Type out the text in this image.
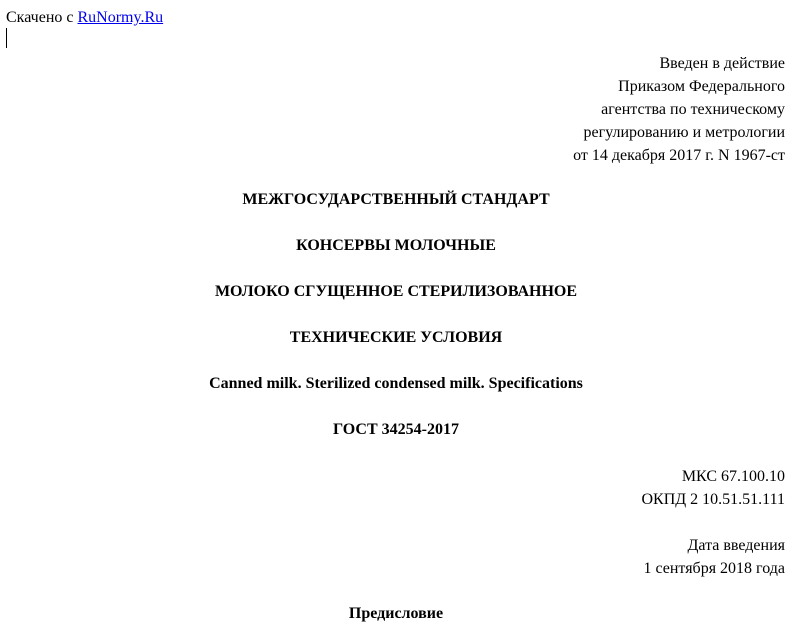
Скачено с RuNormy.Ru
Введен в действие
Приказом Федерального
агентства по техническому
регулированию и метрологии
от 14 декабря 2017 г. N 1967-ст
МЕЖГОСУДАРСТВЕННЫЙ СТАНДАРТ
КОНСЕРВЫ МОЛОЧНЫЕ
МОЛОКО СГУЩЕННОЕ СТЕРИЛИЗОВАННОЕ
ТЕХНИЧЕСКИЕ УСЛОВИЯ
Canned milk. Sterilized condensed milk. Specifications
ГОСТ 34254-2017
МКС 67.100.10
ОКПД 2 10.51.51.111
Дата введения
1 сентября 2018 года
Предисловие
